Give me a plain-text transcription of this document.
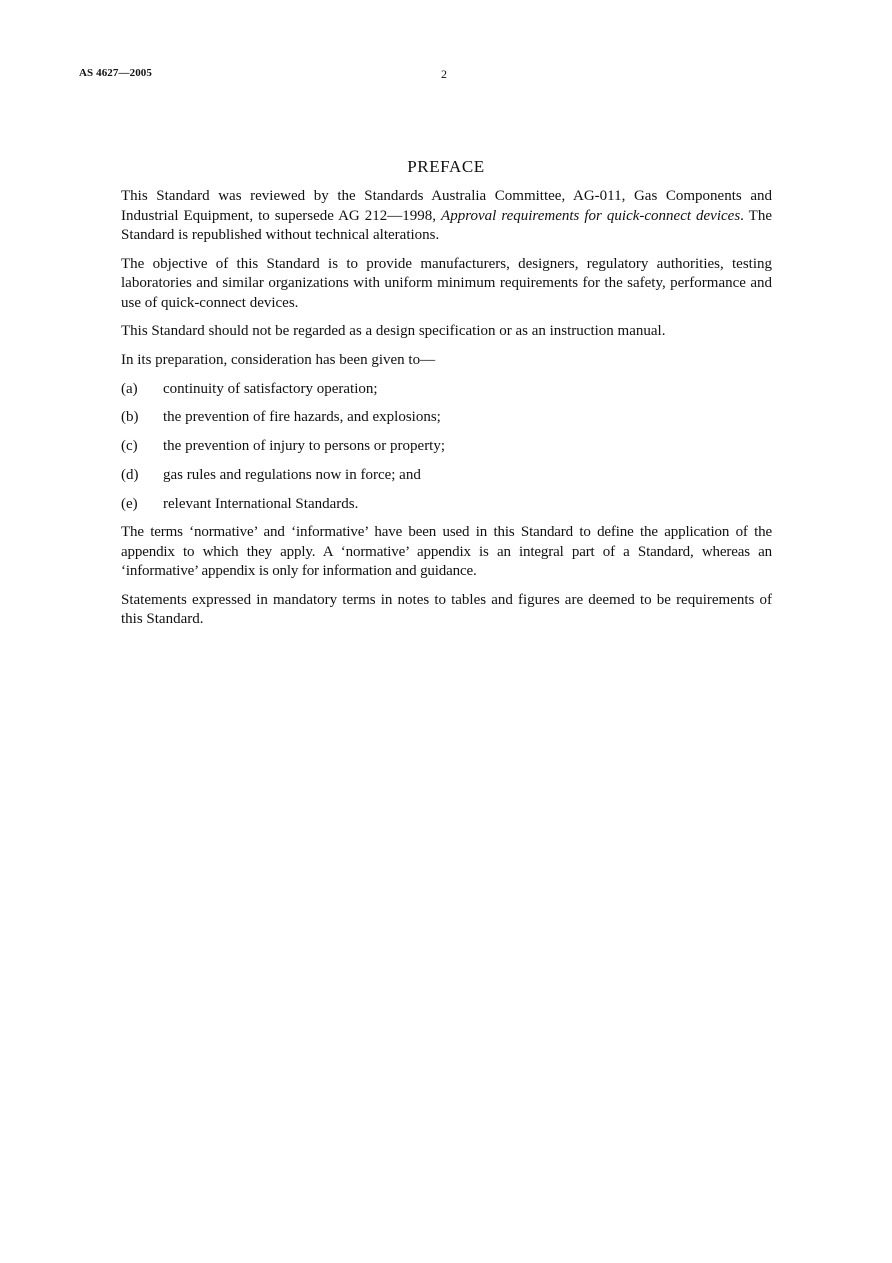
AS 4627—2005	2
PREFACE

This Standard was reviewed by the Standards Australia Committee, AG-011, Gas Components and Industrial Equipment, to supersede AG 212—1998, Approval requirements for quick-connect devices. The Standard is republished without technical alterations.

The objective of this Standard is to provide manufacturers, designers, regulatory authorities, testing laboratories and similar organizations with uniform minimum requirements for the safety, performance and use of quick-connect devices.

This Standard should not be regarded as a design specification or as an instruction manual.

In its preparation, consideration has been given to—

(a)	continuity of satisfactory operation;
(b)	the prevention of fire hazards, and explosions;
(c)	the prevention of injury to persons or property;
(d)	gas rules and regulations now in force; and
(e)	relevant International Standards.

The terms ‘normative’ and ‘informative’ have been used in this Standard to define the application of the appendix to which they apply. A ‘normative’ appendix is an integral part of a Standard, whereas an ‘informative’ appendix is only for information and guidance.

Statements expressed in mandatory terms in notes to tables and figures are deemed to be requirements of this Standard.
